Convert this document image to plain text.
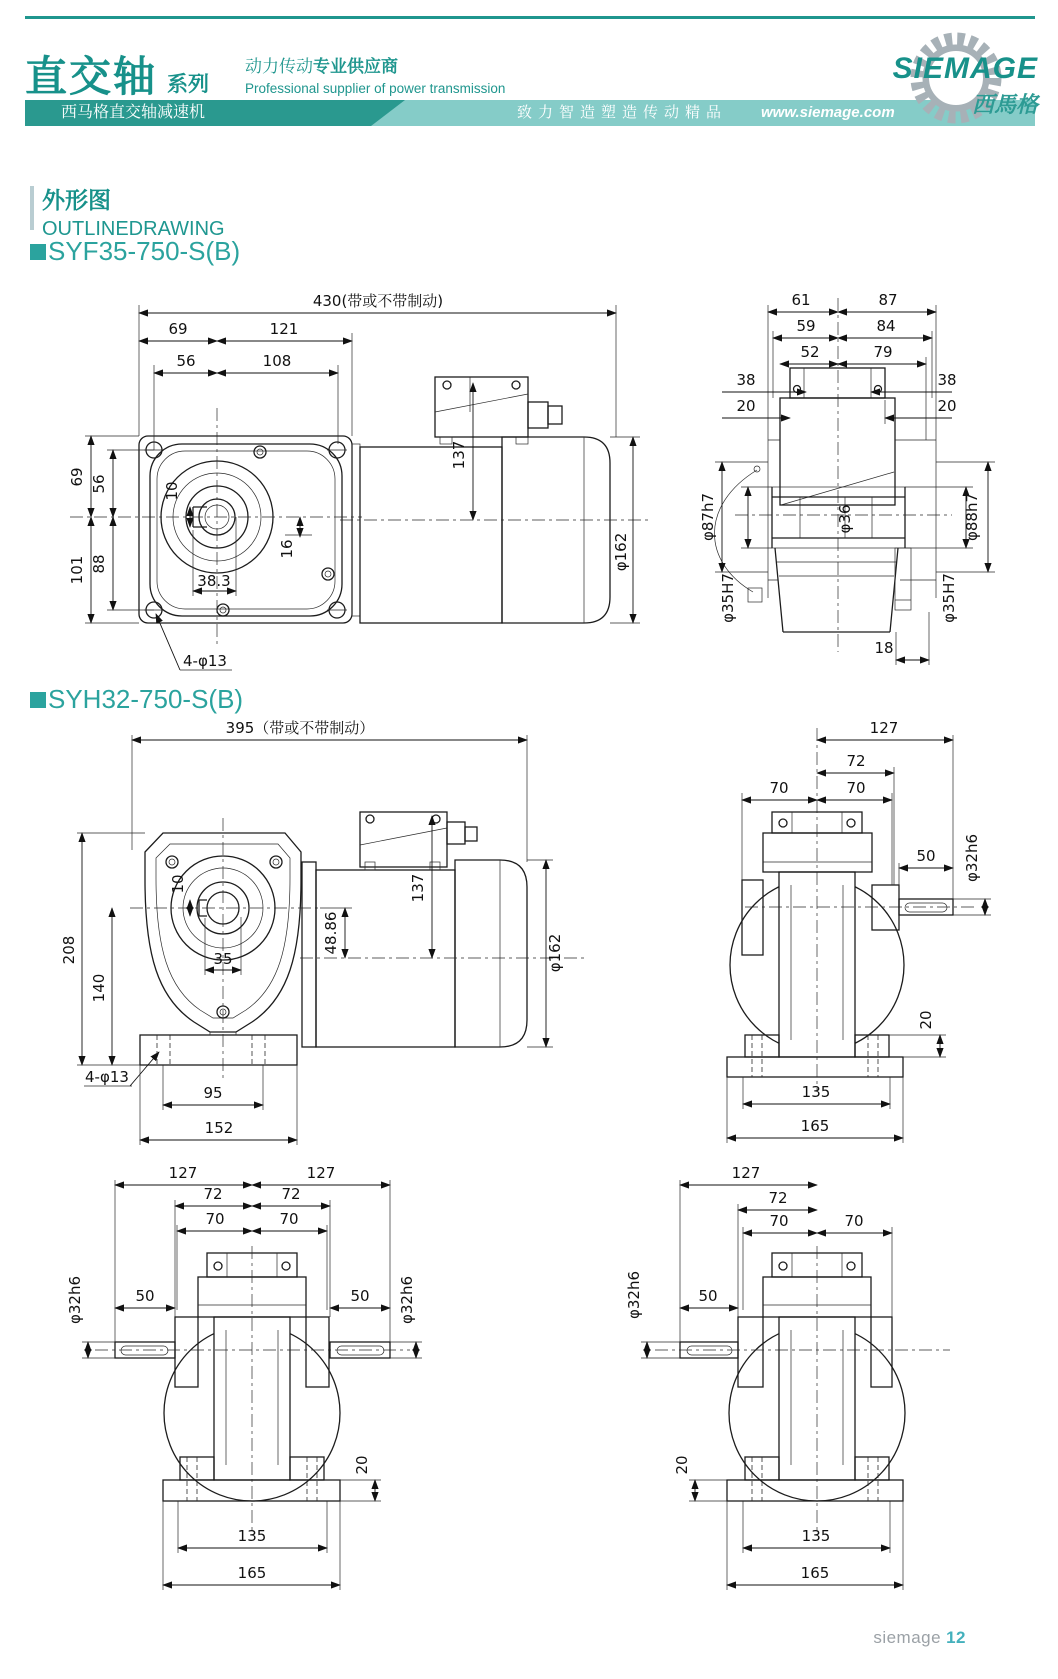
直交轴 系列
动力传动专业供应商
Professional supplier of power transmission
西马格直交轴减速机	致力智造塑造传动精品 www.siemage.com
SIEMAGE
西馬格
外形图
OUTLINEDRAWING
SYF35-750-S(B)
SYH32-750-S(B)
430(带或不带制动)
69	121
56	108
69 56
101 88
10
16
38.3
4-φ13
137
φ162
61	87
59	84
52	79
38	38
20	20
φ87h7	φ88h7
φ35H7	φ35H7
φ36
18
395（带或不带制动）
208
140
10
35
4-φ13
95
152
137
48.86	φ162
127
72
70	70
50 φ32h6
20
135
165
127	127
72	72
70	70
50	50
φ32h6	φ32h6
20
135
165
127
72
70	70
50
φ32h6
20
135
165
siemage 12
